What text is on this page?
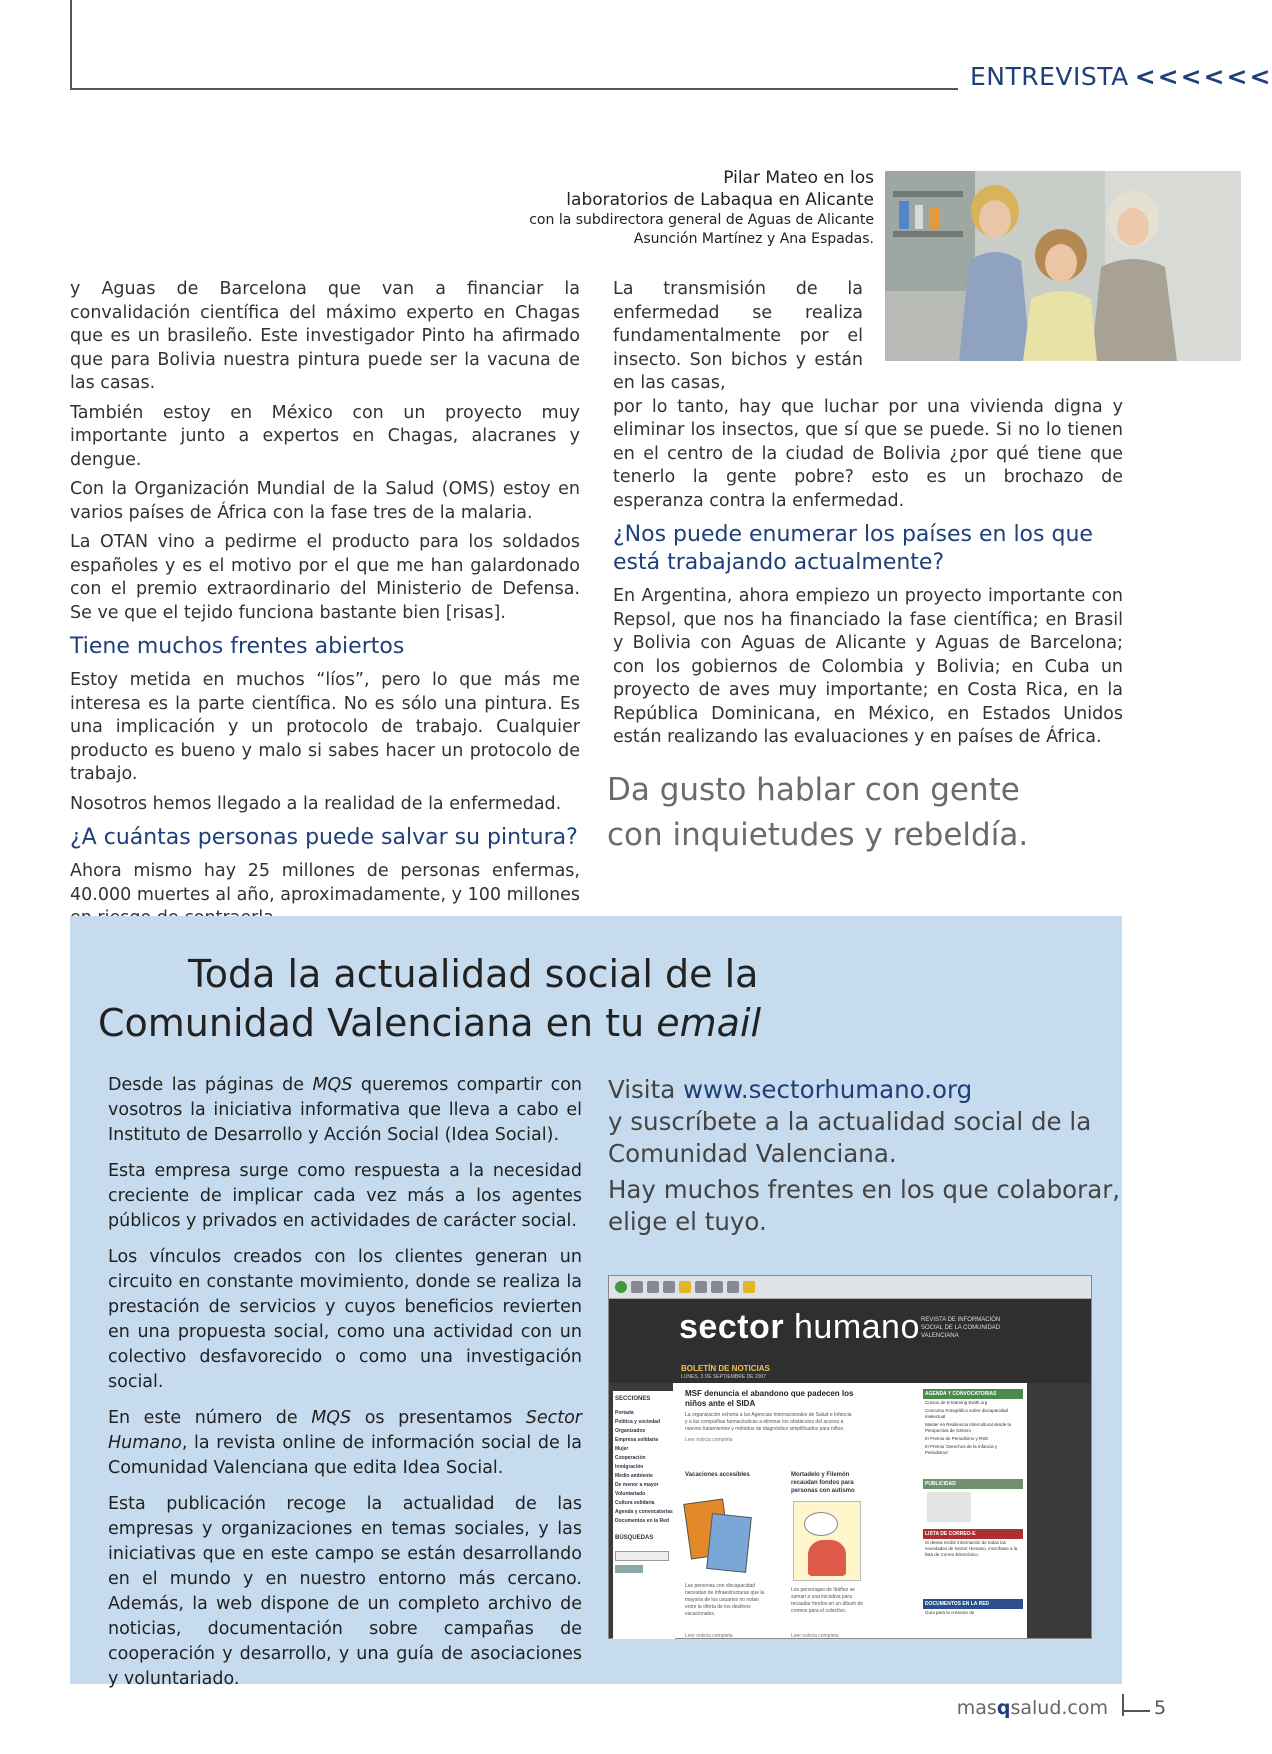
ENTREVISTA <<<<<<
Pilar Mateo en los
laboratorios de Labaqua en Alicante
con la subdirectora general de Aguas de Alicante
Asunción Martínez y Ana Espadas.

y Aguas de Barcelona que van a financiar la convalidación científica del máximo experto en Chagas que es un brasileño. Este investigador Pinto ha afirmado que para Bolivia nuestra pintura puede ser la vacuna de las casas.

También estoy en México con un proyecto muy importante junto a expertos en Chagas, alacranes y dengue.

Con la Organización Mundial de la Salud (OMS) estoy en varios países de África con la fase tres de la malaria.

La OTAN vino a pedirme el producto para los soldados españoles y es el motivo por el que me han galardonado con el premio extraordinario del Ministerio de Defensa. Se ve que el tejido funciona bastante bien [risas].

Tiene muchos frentes abiertos

Estoy metida en muchos “líos”, pero lo que más me interesa es la parte científica. No es sólo una pintura. Es una implicación y un protocolo de trabajo. Cualquier producto es bueno y malo si sabes hacer un protocolo de trabajo.

Nosotros hemos llegado a la realidad de la enfermedad.

¿A cuántas personas puede salvar su pintura?

Ahora mismo hay 25 millones de personas enfermas, 40.000 muertes al año, aproximadamente, y 100 millones

La transmisión de la enfermedad se realiza fundamentalmente por el insecto. Son bichos y están en las casas,

por lo tanto, hay que luchar por una vivienda digna y eliminar los insectos, que sí que se puede. Si no lo tienen en el centro de la ciudad de Bolivia ¿por qué tiene que tenerlo la gente pobre? esto es un brochazo de esperanza contra la enfermedad.

¿Nos puede enumerar los países en los que está trabajando actualmente?

En Argentina, ahora empiezo un proyecto importante con Repsol, que nos ha financiado la fase científica; en Brasil y Bolivia con Aguas de Alicante y Aguas de Barcelona; con los gobiernos de Colombia y Bolivia; en Cuba un proyecto de aves muy importante; en Costa Rica, en la República Dominicana, en México, en Estados Unidos están realizando las evaluaciones y en países de África.

Da gusto hablar con gente
con inquietudes y rebeldía.
Toda la actualidad social de la
Comunidad Valenciana en tu email

Desde las páginas de MQS queremos compartir con vosotros la iniciativa informativa que lleva a cabo el Instituto de Desarrollo y Acción Social (Idea Social).

Esta empresa surge como respuesta a la necesidad creciente de implicar cada vez más a los agentes públicos y privados en actividades de carácter social.

Los vínculos creados con los clientes generan un circuito en constante movimiento, donde se realiza la prestación de servicios y cuyos beneficios revierten en una propuesta social, como una actividad con un colectivo desfavorecido o como una investigación social.

En este número de MQS os presentamos Sector Humano, la revista online de información social de la Comunidad Valenciana que edita Idea Social.

Esta publicación recoge la actualidad de las empresas y organizaciones en temas sociales, y las iniciativas que en este campo se están desarrollando en el mundo y en nuestro entorno más cercano. Además, la web dispone de un completo archivo de noticias, documentación sobre campañas de cooperación y desarrollo, y una guía de asociaciones y voluntariado.

Visita www.sectorhumano.org
y suscríbete a la actualidad social de la Comunidad Valenciana.

Hay muchos frentes en los que colaborar, elige el tuyo.

sector humano REVISTA DE INFORMACIÓN SOCIAL DE LA COMUNIDAD VALENCIANA
BOLETÍN DE NOTICIAS
LUNES, 3 DE SEPTIEMBRE DE 2007
SECCIONES
Portada
Política y sociedad
Organizados
Empresa solidaria
Mujer
Cooperación
Inmigración
Medio ambiente
De menor a mayor
Voluntariado
Cultura solidaria
Agenda y convocatorias
Documentos en la Red
BÚSQUEDAS
MSF denuncia el abandono que padecen los niños ante el SIDA
La organización exhorta a las Agencias Internacionales de Salud e Infancia y a las compañías farmacéuticas a eliminar los obstáculos del acceso a nuevos tratamientos y métodos de diagnóstico simplificados para niños.
Leer noticia completa
Vacaciones accesibles	Mortadelo y Filemón recaudan fondos para personas con autismo
Las personas con discapacidad necesitan de infraestructuras que la mayoría de los usuarios no notan entre la oferta de los destinos vacacionales.
Los personajes de Ibáñez se suman a una iniciativa para recaudar fondos en un álbum de cromos para el colectivo.
Leer noticia completa	Leer noticia completa
AGENDA Y CONVOCATORIAS
Cursos de E-learning Ewith.org
Concurso Fotográfico sobre discapacidad intelectual
Master en Resiliencia Intercultural desde la Perspectiva de Género
III Premio de Periodismo y RSE
III Premio 'Derechos de la Infancia y Periodismo'
PUBLICIDAD
LISTA DE CORREO-E
Si desea recibir información de todas las novedades de Sector Humano, inscríbase a la lista de Correo Electrónico.
DOCUMENTOS EN LA RED
Guía para la creación de
masqsalud.com 5
